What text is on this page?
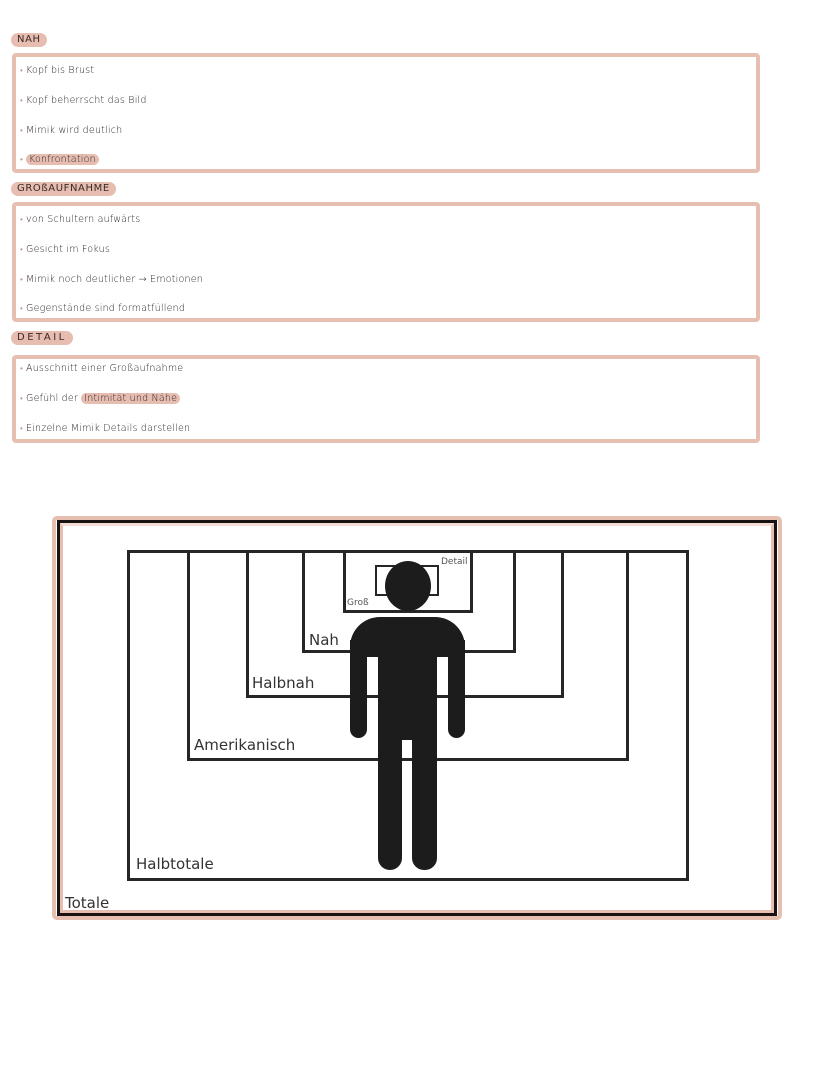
NAH
• Kopf bis Brust
• Kopf beherrscht das Bild
• Mimik wird deutlich
• Konfrontation
GROßAUFNAHME
• von Schultern aufwärts
• Gesicht im Fokus
• Mimik noch deutlicher → Emotionen
• Gegenstände sind formatfüllend
DETAIL
• Ausschnitt einer Großaufnahme
• Gefühl der Intimität und Nähe
• Einzelne Mimik Details darstellen
Detail
Groß
Nah
Halbnah
Amerikanisch
Halbtotale
Totale
